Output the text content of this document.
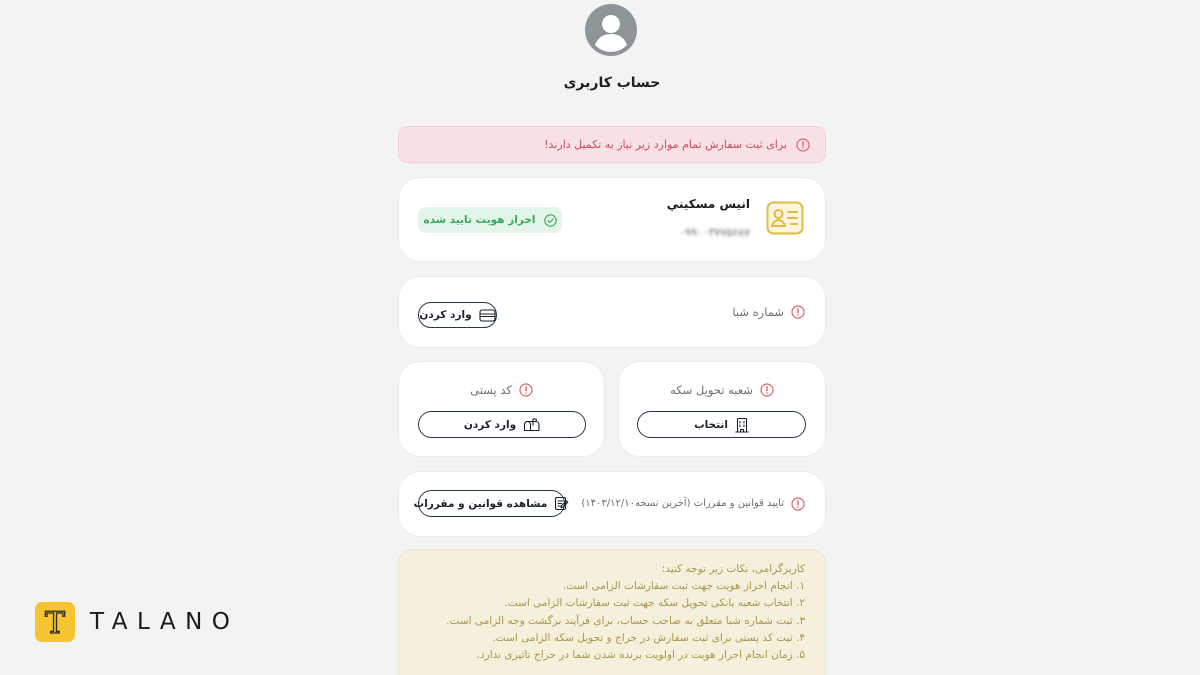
حساب کاربری
برای ثبت سفارش تمام موارد زیر نیاز به تکمیل دارند!
انیس مسکيني
۰۹۹۰۰۳۷۷۵۶۸۷
احراز هویت تایید شده
شماره شبا
وارد کردن
کد پستی
وارد کردن
شعبه تحویل سکه
انتخاب
تایید قوانین و مقررات (آخرین نسخه۱۴۰۳/۱۲/۱۰)
مشاهده قوانین و مقررات
کاربرگرامی، نکات زیر توجه کنید:
۱. انجام احراز هویت جهت ثبت سفارشات الزامی است.
۲. انتخاب شعبه بانکی تحویل سکه جهت ثبت سفارشات الزامی است.
۳. ثبت شماره شبا متعلق به صاحب حساب، برای فرآیند برگشت وجه الزامی است.
۴. ثبت کد پستی برای ثبت سفارش در حراج و تحویل سکه الزامی است.
۵. زمان انجام احراز هویت در اولویت برنده شدن شما در حراج تاثیری ندارد.
T TALANO
